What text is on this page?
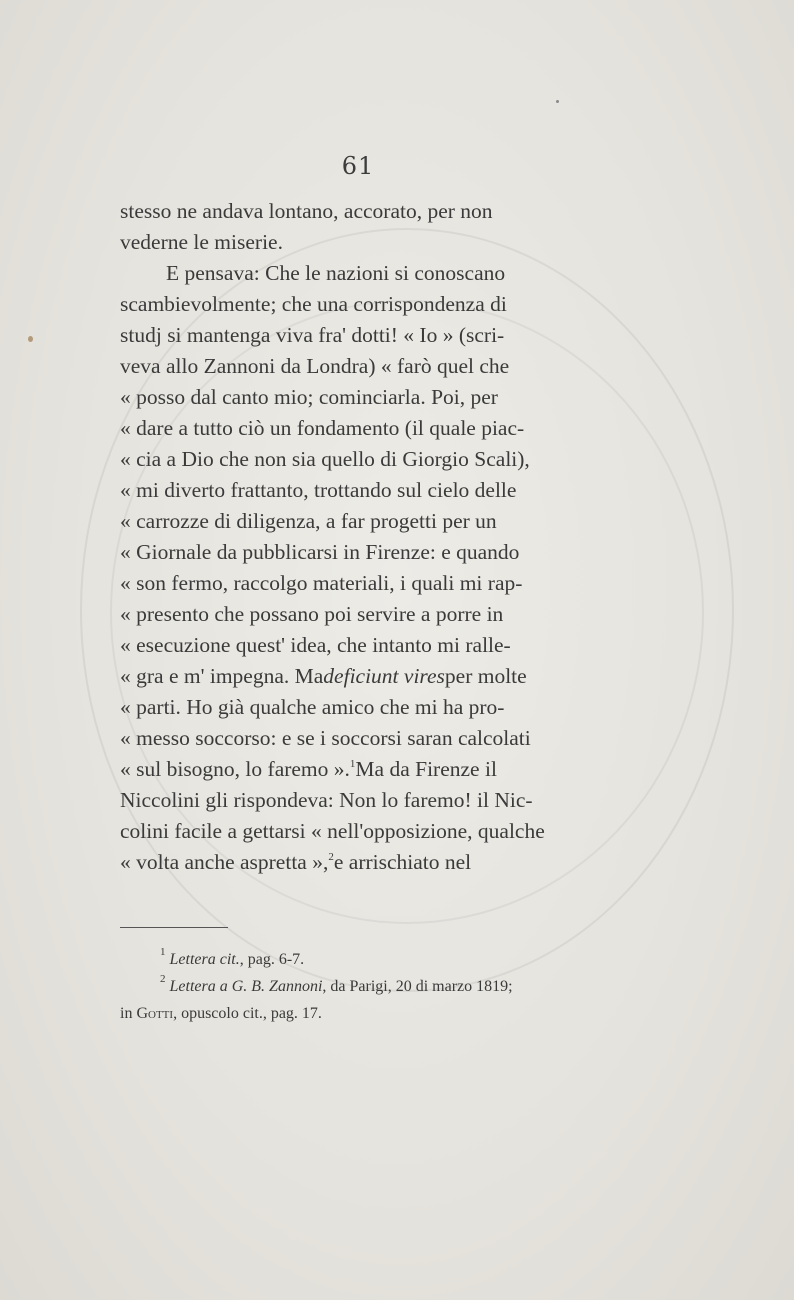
61
stesso ne andava lontano, accorato, per non
vederne le miserie.
E pensava: Che le nazioni si conoscano
scambievolmente; che una corrispondenza di
studj si mantenga viva fra' dotti! « Io » (scri-
veva allo Zannoni da Londra) « farò quel che
« posso dal canto mio; cominciarla. Poi, per
« dare a tutto ciò un fondamento (il quale piac-
« cia a Dio che non sia quello di Giorgio Scali),
« mi diverto frattanto, trottando sul cielo delle
« carrozze di diligenza, a far progetti per un
« Giornale da pubblicarsi in Firenze: e quando
« son fermo, raccolgo materiali, i quali mi rap-
« presento che possano poi servire a porre in
« esecuzione quest' idea, che intanto mi ralle-
« gra e m' impegna. Madeficiunt viresper molte
« parti. Ho già qualche amico che mi ha pro-
« messo soccorso: e se i soccorsi saran calcolati
« sul bisogno, lo faremo ».$^1$Ma da Firenze il
Niccolini gli rispondeva: Non lo faremo! il Nic-
colini facile a gettarsi « nell'opposizione, qualche
« volta anche aspretta »,$^2$e arrischiato nel
$^1$ Lettera cit., pag. 6-7.
$^2$ Lettera a G. B. Zannoni, da Parigi, 20 di marzo 1819;
in Gotti, opuscolo cit., pag. 17.
